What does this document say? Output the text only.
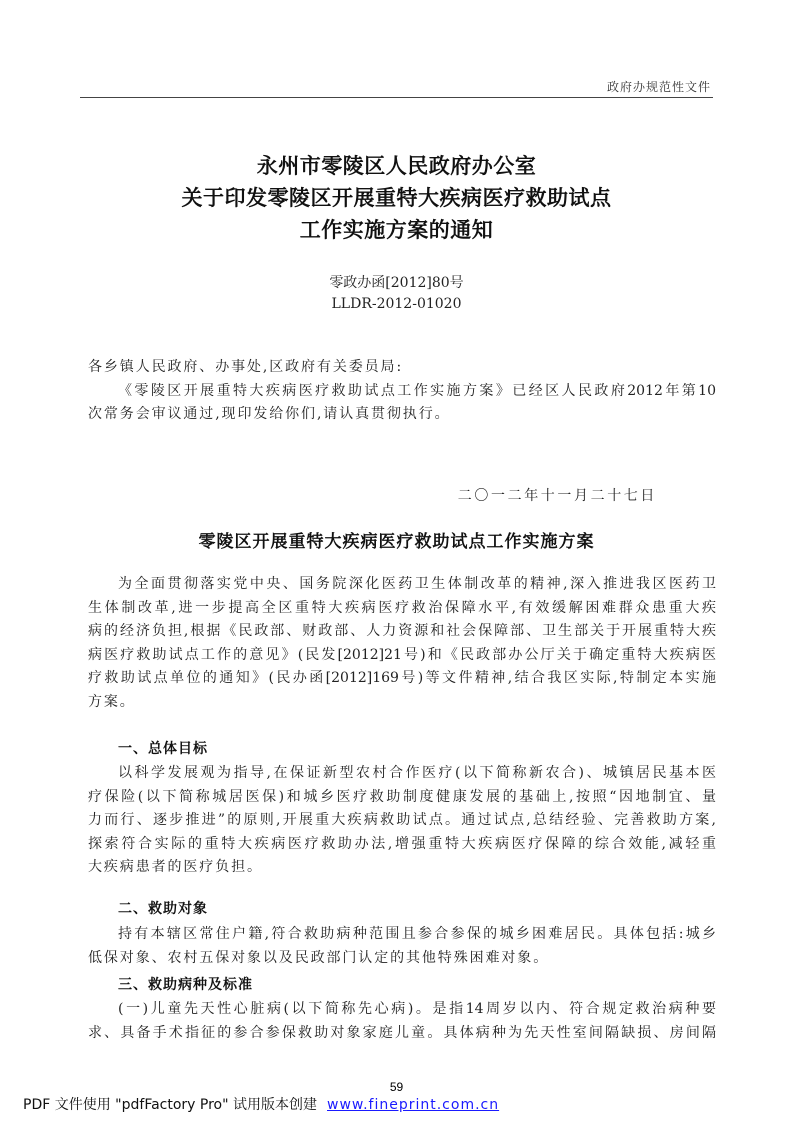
政府办规范性文件
永州市零陵区人民政府办公室
关于印发零陵区开展重特大疾病医疗救助试点
工作实施方案的通知
零政办函[2012]80号
LLDR-2012-01020
各乡镇人民政府、办事处,区政府有关委员局:
《零陵区开展重特大疾病医疗救助试点工作实施方案》已经区人民政府2012年第10
次常务会审议通过,现印发给你们,请认真贯彻执行。
二〇一二年十一月二十七日
零陵区开展重特大疾病医疗救助试点工作实施方案
为全面贯彻落实党中央、国务院深化医药卫生体制改革的精神,深入推进我区医药卫
生体制改革,进一步提高全区重特大疾病医疗救治保障水平,有效缓解困难群众患重大疾
病的经济负担,根据《民政部、财政部、人力资源和社会保障部、卫生部关于开展重特大疾
病医疗救助试点工作的意见》(民发[2012]21号)和《民政部办公厅关于确定重特大疾病医
疗救助试点单位的通知》(民办函[2012]169号)等文件精神,结合我区实际,特制定本实施
方案。
一、总体目标
以科学发展观为指导,在保证新型农村合作医疗(以下简称新农合)、城镇居民基本医
疗保险(以下简称城居医保)和城乡医疗救助制度健康发展的基础上,按照“因地制宜、量
力而行、逐步推进”的原则,开展重大疾病救助试点。通过试点,总结经验、完善救助方案,
探索符合实际的重特大疾病医疗救助办法,增强重特大疾病医疗保障的综合效能,减轻重
大疾病患者的医疗负担。
二、救助对象
持有本辖区常住户籍,符合救助病种范围且参合参保的城乡困难居民。具体包括:城乡
低保对象、农村五保对象以及民政部门认定的其他特殊困难对象。
三、救助病种及标准
(一)儿童先天性心脏病(以下简称先心病)。是指14周岁以内、符合规定救治病种要
求、具备手术指征的参合参保救助对象家庭儿童。具体病种为先天性室间隔缺损、房间隔
59
PDF 文件使用 "pdfFactory Pro" 试用版本创建 www.fineprint.com.cn
